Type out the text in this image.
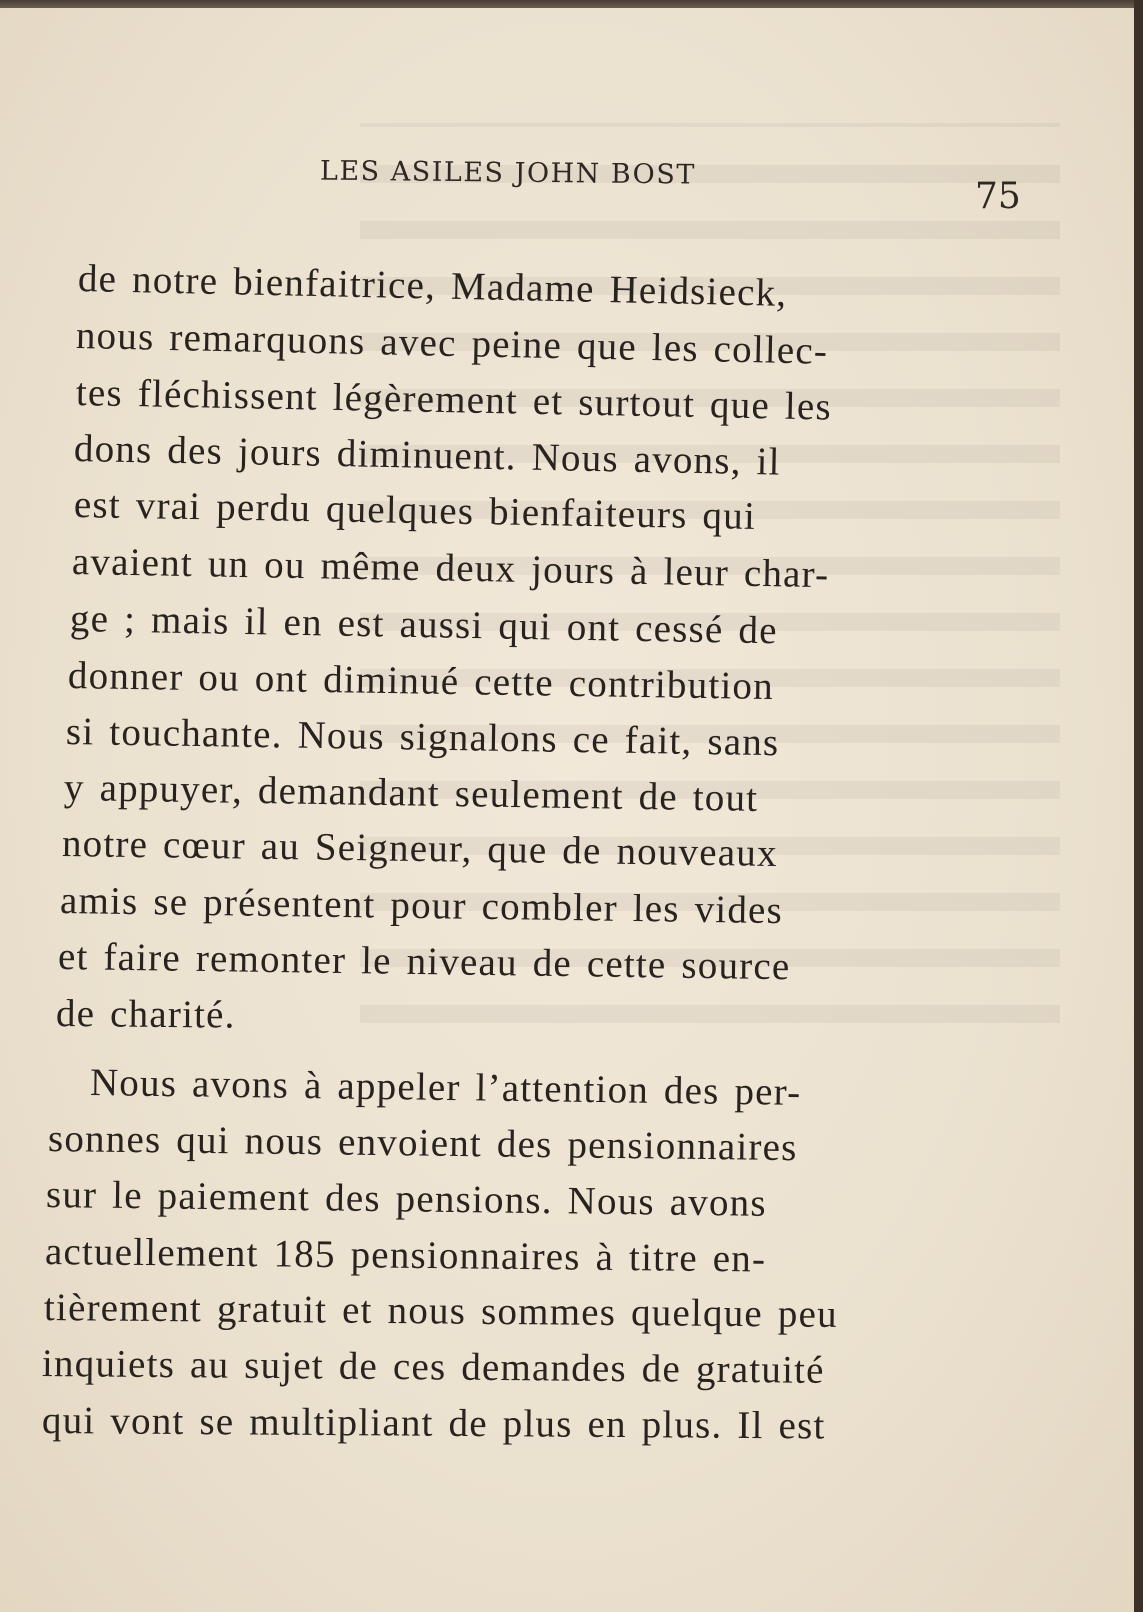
LES ASILES JOHN BOST
75
de notre bienfaitrice, Madame Heidsieck,
nous remarquons avec peine que les collec-
tes fléchissent légèrement et surtout que les
dons des jours diminuent. Nous avons, il
est vrai perdu quelques bienfaiteurs qui
avaient un ou même deux jours à leur char-
ge ; mais il en est aussi qui ont cessé de
donner ou ont diminué cette contribution
si touchante. Nous signalons ce fait, sans
y appuyer, demandant seulement de tout
notre cœur au Seigneur, que de nouveaux
amis se présentent pour combler les vides
et faire remonter le niveau de cette source
de charité.
Nous avons à appeler l’attention des per-
sonnes qui nous envoient des pensionnaires
sur le paiement des pensions. Nous avons
actuellement 185 pensionnaires à titre en-
tièrement gratuit et nous sommes quelque peu
inquiets au sujet de ces demandes de gratuité
qui vont se multipliant de plus en plus. Il est
